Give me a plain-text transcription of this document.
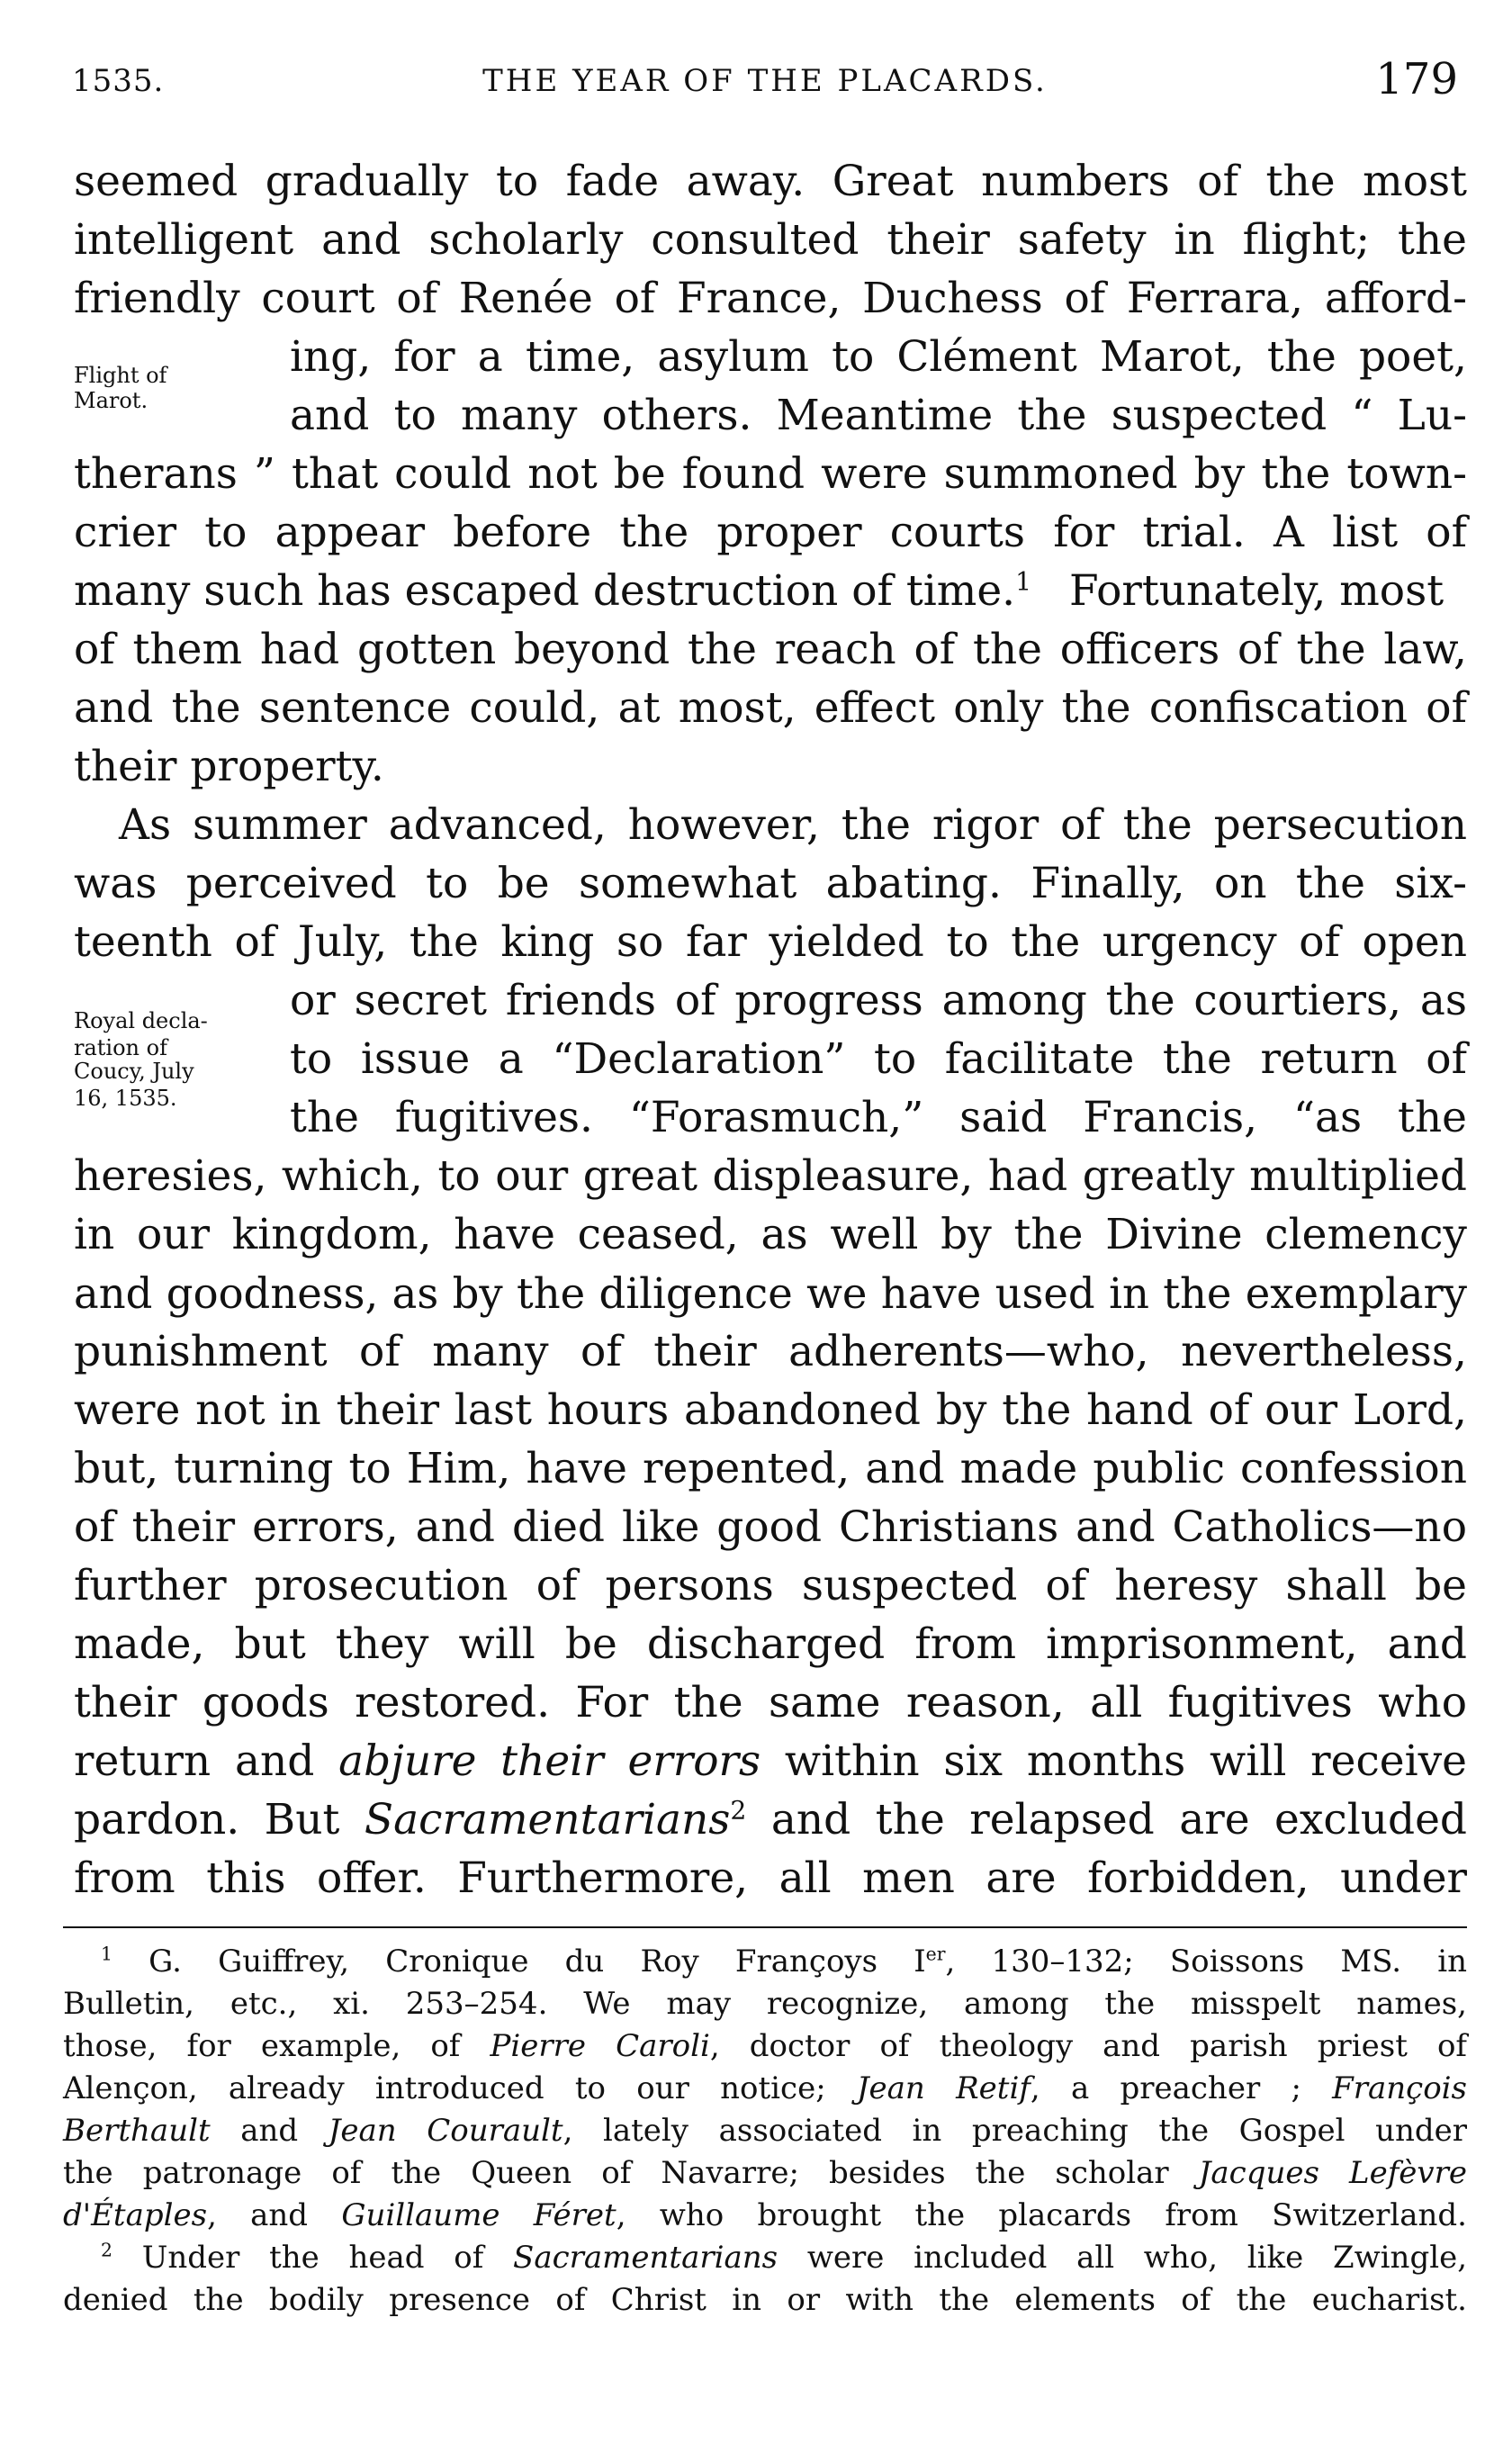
1535.	THE YEAR OF THE PLACARDS.	179
Flight of
Marot.
Royal decla-
ration of
Coucy, July
16, 1535.
seemed gradually to fade away. Great numbers of the most
intelligent and scholarly consulted their safety in flight; the
friendly court of Renée of France, Duchess of Ferrara, afford-
ing, for a time, asylum to Clément Marot, the poet,
and to many others. Meantime the suspected “ Lu-
therans ” that could not be found were summoned by the town-
crier to appear before the proper courts for trial. A list of
many such has escaped destruction of time.$^1$ Fortunately, most
of them had gotten beyond the reach of the officers of the law,
and the sentence could, at most, effect only the confiscation of
their property.
As summer advanced, however, the rigor of the persecution
was perceived to be somewhat abating. Finally, on the six-
teenth of July, the king so far yielded to the urgency of open
or secret friends of progress among the courtiers, as
to issue a “Declaration” to facilitate the return of
the fugitives. “Forasmuch,” said Francis, “as the
heresies, which, to our great displeasure, had greatly multiplied
in our kingdom, have ceased, as well by the Divine clemency
and goodness, as by the diligence we have used in the exemplary
punishment of many of their adherents—who, nevertheless,
were not in their last hours abandoned by the hand of our Lord,
but, turning to Him, have repented, and made public confession
of their errors, and died like good Christians and Catholics—no
further prosecution of persons suspected of heresy shall be
made, but they will be discharged from imprisonment, and
their goods restored. For the same reason, all fugitives who
return and abjure their errors within six months will receive
pardon. But Sacramentarians$^2$ and the relapsed are excluded
from this offer. Furthermore, all men are forbidden, under
$^1$ G. Guiffrey, Cronique du Roy Françoys Ier, 130–132; Soissons MS. in
Bulletin, etc., xi. 253–254. We may recognize, among the misspelt names,
those, for example, of Pierre Caroli, doctor of theology and parish priest of
Alençon, already introduced to our notice; Jean Retif, a preacher ; François
Berthault and Jean Courault, lately associated in preaching the Gospel under
the patronage of the Queen of Navarre; besides the scholar Jacques Lefèvre
d'Étaples, and Guillaume Féret, who brought the placards from Switzerland.
$^2$ Under the head of Sacramentarians were included all who, like Zwingle,
denied the bodily presence of Christ in or with the elements of the eucharist.
